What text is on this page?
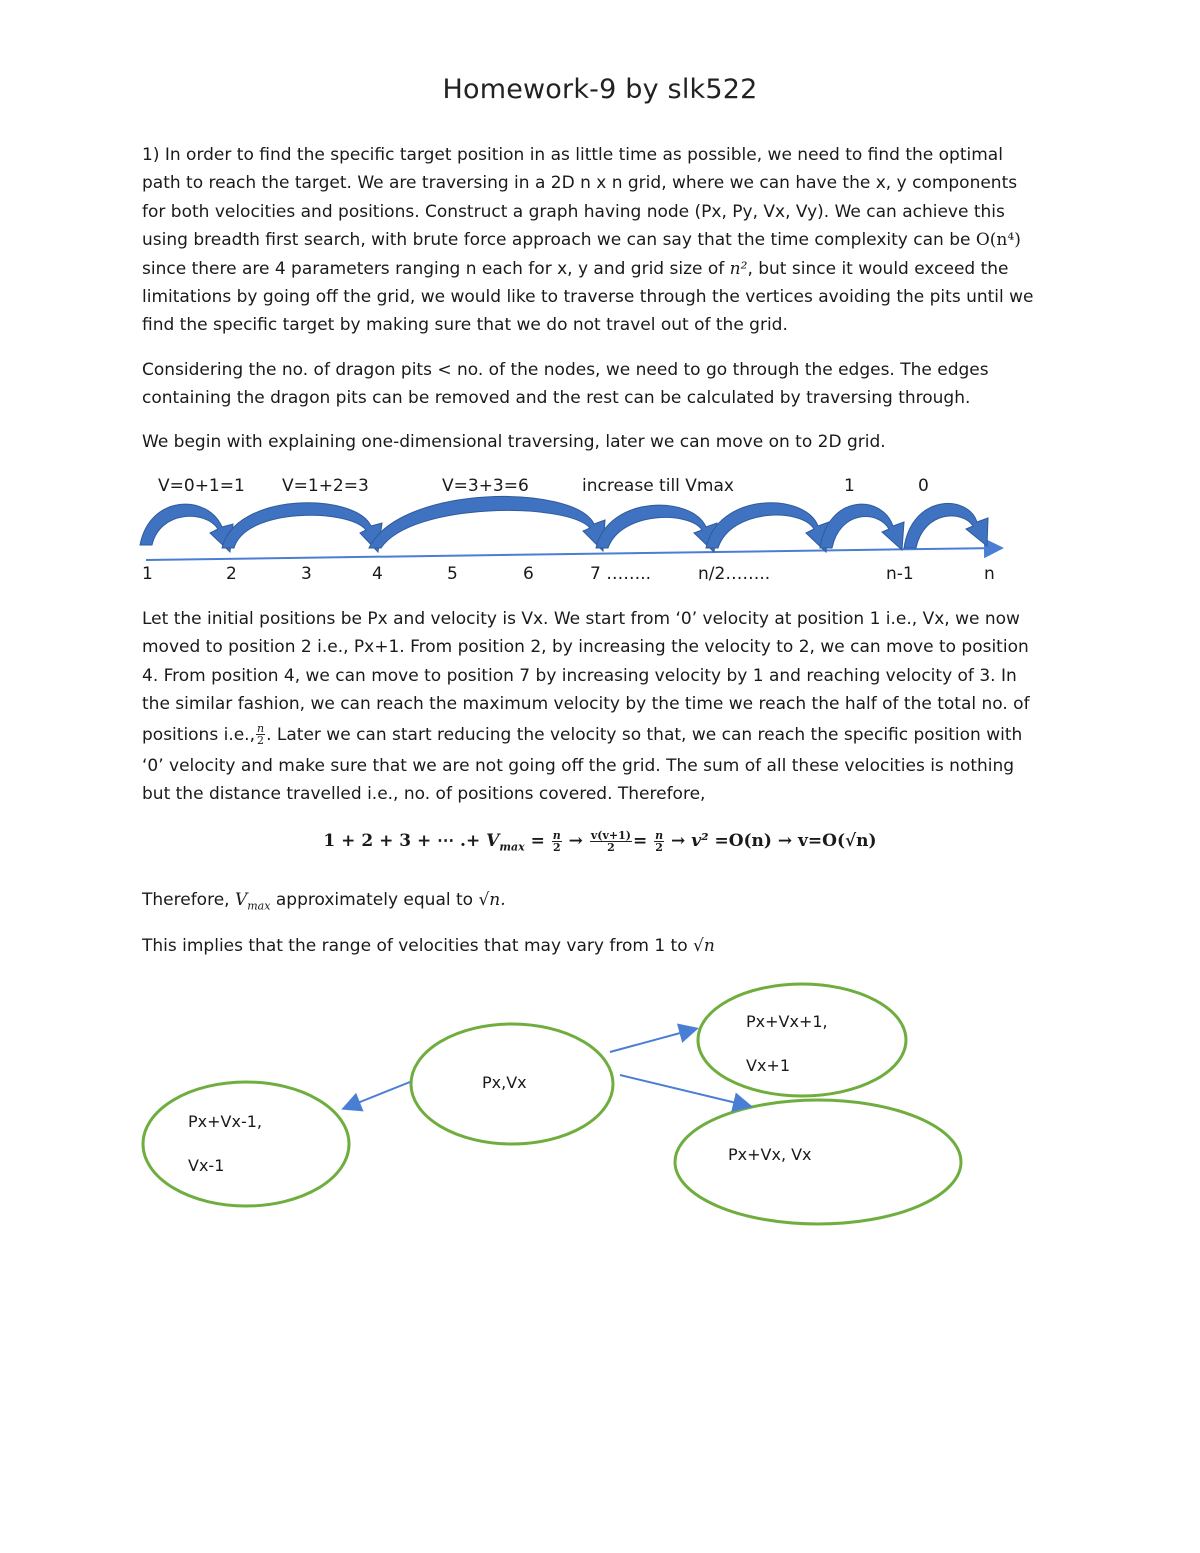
Homework-9 by slk522
1) In order to find the specific target position in as little time as possible, we need to find the optimal
path to reach the target. We are traversing in a 2D n x n grid, where we can have the x, y components
for both velocities and positions. Construct a graph having node (Px, Py, Vx, Vy). We can achieve this
using breadth first search, with brute force approach we can say that the time complexity can be O(n⁴)
since there are 4 parameters ranging n each for x, y and grid size of n², but since it would exceed the
limitations by going off the grid, we would like to traverse through the vertices avoiding the pits until we
find the specific target by making sure that we do not travel out of the grid.
Considering the no. of dragon pits < no. of the nodes, we need to go through the edges. The edges
containing the dragon pits can be removed and the rest can be calculated by traversing through.
We begin with explaining one-dimensional traversing, later we can move on to 2D grid.
V=0+1=1 V=1+2=3	V=3+3=6	increase till Vmax	1	0
1	2	3	4	5	6	7 ……..	n/2……..	n-1	n
Let the initial positions be Px and velocity is Vx. We start from ‘0’ velocity at position 1 i.e., Vx, we now
moved to position 2 i.e., Px+1. From position 2, by increasing the velocity to 2, we can move to position
4. From position 4, we can move to position 7 by increasing velocity by 1 and reaching velocity of 3. In
the similar fashion, we can reach the maximum velocity by the time we reach the half of the total no. of
positions i.e., $\frac{n}{2}$ . Later we can start reducing the velocity so that, we can reach the specific position with
‘0’ velocity and make sure that we are not going off the grid. The sum of all these velocities is nothing
but the distance travelled i.e., no. of positions covered. Therefore,
1 + 2 + 3 + ⋯ .+ $V_{max} = \frac{n}{2} \to \frac{v(v+1)}{2} = \frac{n}{2} \to v^2 =O(n) \to v=O(√n)$
Therefore, $V_{max}$ approximately equal to √n.
This implies that the range of velocities that may vary from 1 to √n
Px,Vx
Px+Vx-1,
Vx-1
Px+Vx+1,
Vx+1
Px+Vx, Vx
